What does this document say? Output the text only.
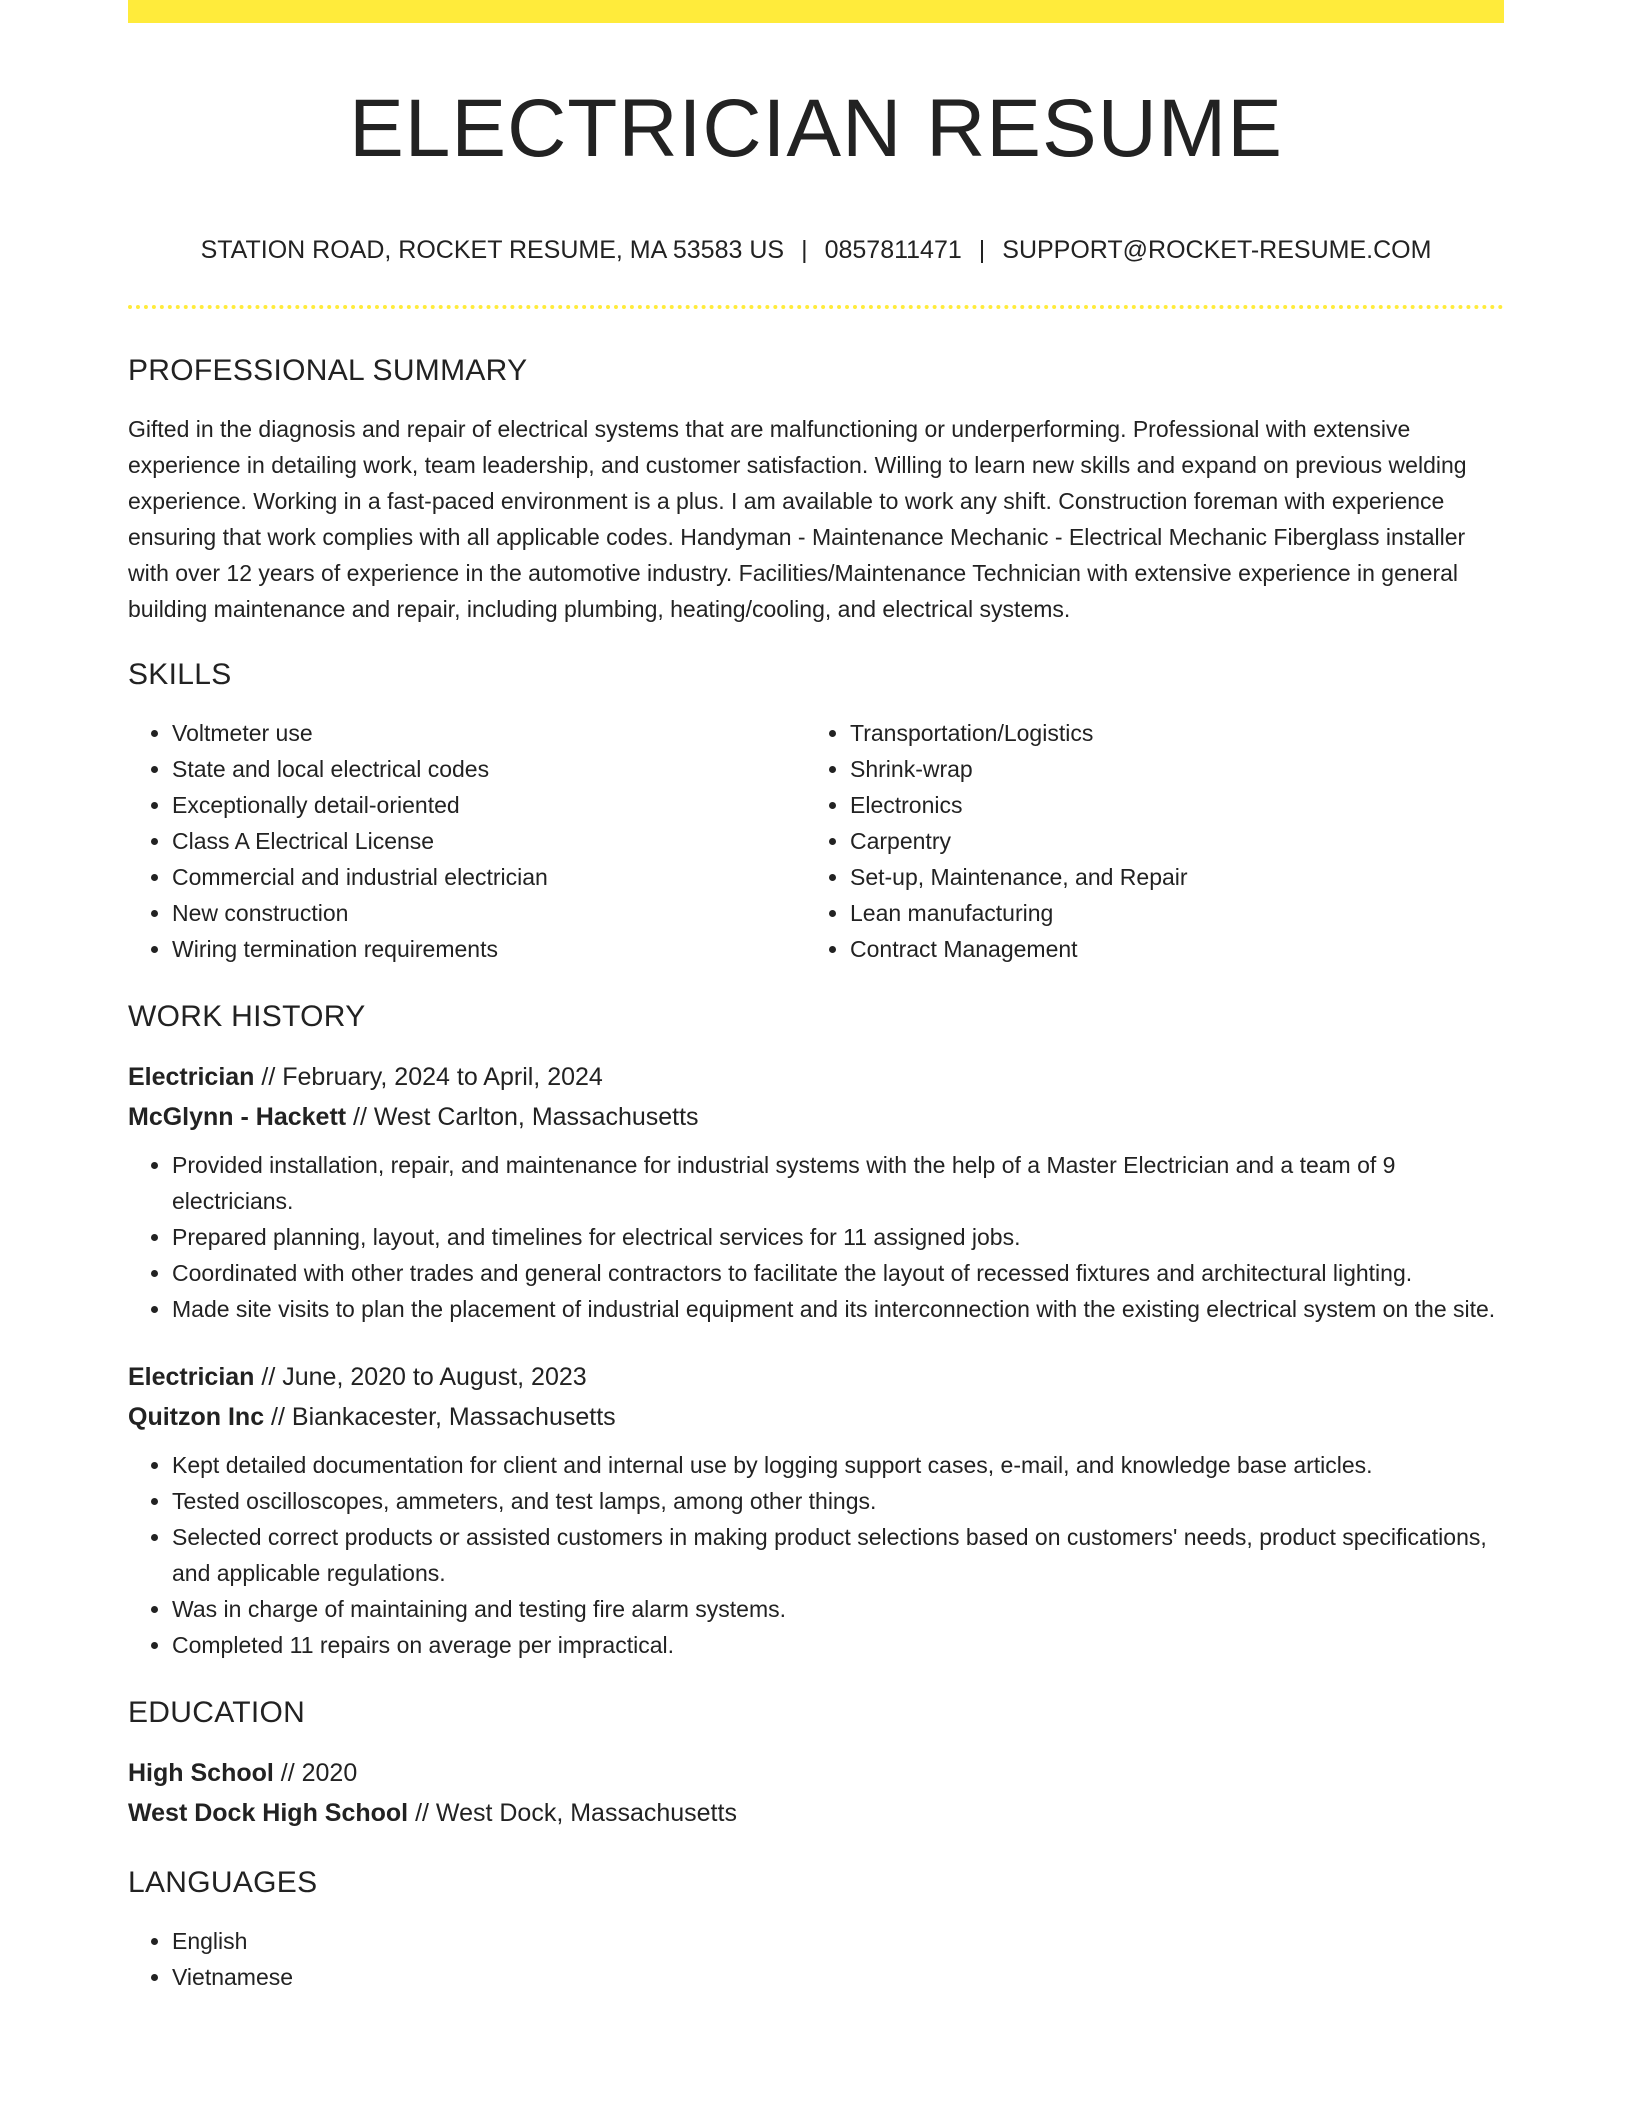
ELECTRICIAN RESUME
STATION ROAD, ROCKET RESUME, MA 53583 US | 0857811471 | SUPPORT@ROCKET-RESUME.COM
PROFESSIONAL SUMMARY
Gifted in the diagnosis and repair of electrical systems that are malfunctioning or underperforming. Professional with extensive experience in detailing work, team leadership, and customer satisfaction. Willing to learn new skills and expand on previous welding experience. Working in a fast-paced environment is a plus. I am available to work any shift. Construction foreman with experience ensuring that work complies with all applicable codes. Handyman - Maintenance Mechanic - Electrical Mechanic Fiberglass installer with over 12 years of experience in the automotive industry. Facilities/Maintenance Technician with extensive experience in general building maintenance and repair, including plumbing, heating/cooling, and electrical systems.
SKILLS
• Voltmeter use
• State and local electrical codes
• Exceptionally detail-oriented
• Class A Electrical License
• Commercial and industrial electrician
• New construction
• Wiring termination requirements
• Transportation/Logistics
• Shrink-wrap
• Electronics
• Carpentry
• Set-up, Maintenance, and Repair
• Lean manufacturing
• Contract Management
WORK HISTORY
Electrician // February, 2024 to April, 2024
McGlynn - Hackett // West Carlton, Massachusetts
• Provided installation, repair, and maintenance for industrial systems with the help of a Master Electrician and a team of 9 electricians.
• Prepared planning, layout, and timelines for electrical services for 11 assigned jobs.
• Coordinated with other trades and general contractors to facilitate the layout of recessed fixtures and architectural lighting.
• Made site visits to plan the placement of industrial equipment and its interconnection with the existing electrical system on the site.
Electrician // June, 2020 to August, 2023
Quitzon Inc // Biankacester, Massachusetts
• Kept detailed documentation for client and internal use by logging support cases, e-mail, and knowledge base articles.
• Tested oscilloscopes, ammeters, and test lamps, among other things.
• Selected correct products or assisted customers in making product selections based on customers' needs, product specifications, and applicable regulations.
• Was in charge of maintaining and testing fire alarm systems.
• Completed 11 repairs on average per impractical.
EDUCATION
High School // 2020
West Dock High School // West Dock, Massachusetts
LANGUAGES
• English
• Vietnamese
